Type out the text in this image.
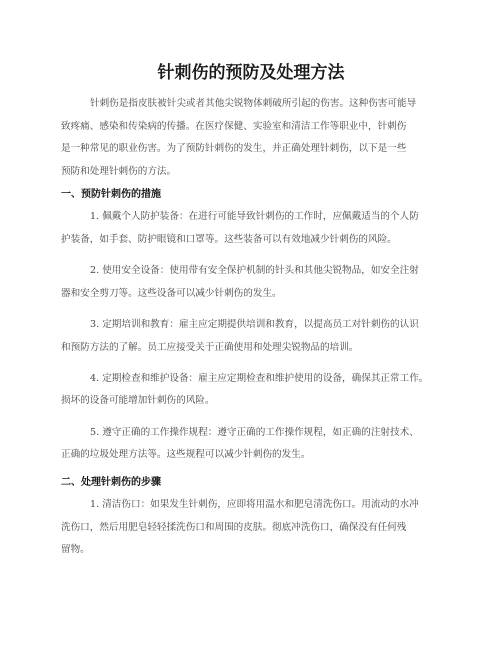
针刺伤的预防及处理方法

针刺伤是指皮肤被针尖或者其他尖锐物体刺破所引起的伤害。这种伤害可能导

致疼痛、感染和传染病的传播。在医疗保健、实验室和清洁工作等职业中，针刺伤

是一种常见的职业伤害。为了预防针刺伤的发生，并正确处理针刺伤，以下是一些

预防和处理针刺伤的方法。

一、预防针刺伤的措施

1. 佩戴个人防护装备：在进行可能导致针刺伤的工作时，应佩戴适当的个人防

护装备，如手套、防护眼镜和口罩等。这些装备可以有效地减少针刺伤的风险。

2. 使用安全设备：使用带有安全保护机制的针头和其他尖锐物品，如安全注射

器和安全剪刀等。这些设备可以减少针刺伤的发生。

3. 定期培训和教育：雇主应定期提供培训和教育，以提高员工对针刺伤的认识

和预防方法的了解。员工应接受关于正确使用和处理尖锐物品的培训。

4. 定期检查和维护设备：雇主应定期检查和维护使用的设备，确保其正常工作。

损坏的设备可能增加针刺伤的风险。

5. 遵守正确的工作操作规程：遵守正确的工作操作规程，如正确的注射技术、

正确的垃圾处理方法等。这些规程可以减少针刺伤的发生。

二、处理针刺伤的步骤

1. 清洁伤口：如果发生针刺伤，应即将用温水和肥皂清洗伤口。用流动的水冲

洗伤口，然后用肥皂轻轻揉洗伤口和周围的皮肤。彻底冲洗伤口，确保没有任何残

留物。
